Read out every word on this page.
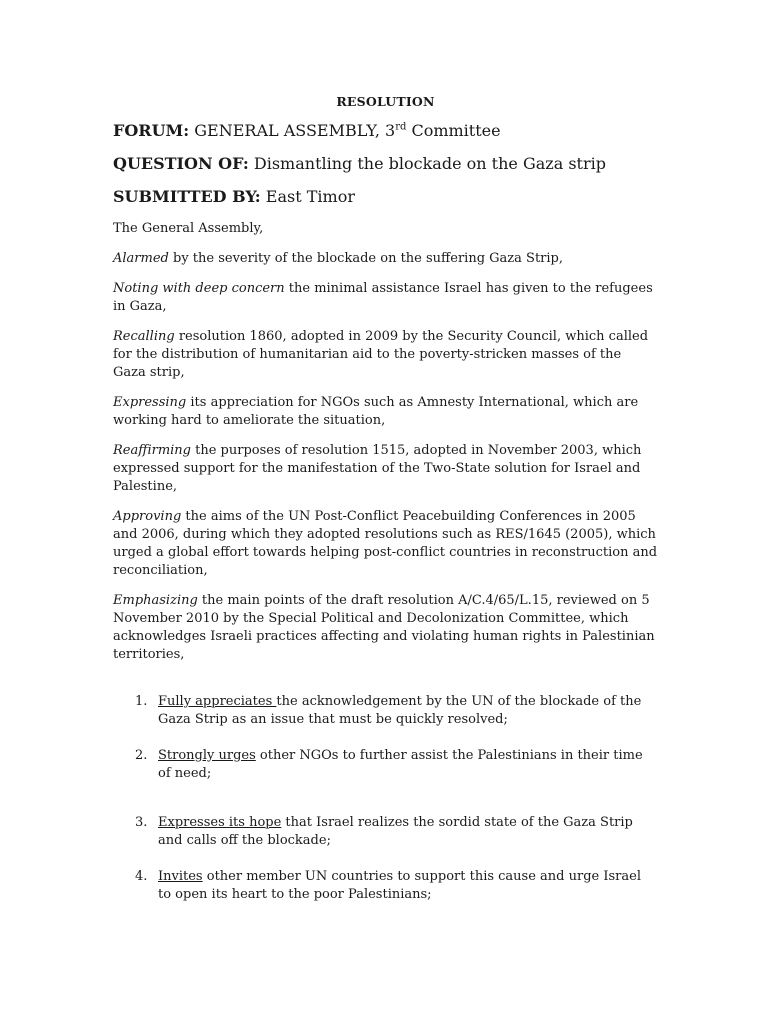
RESOLUTION
FORUM: GENERAL ASSEMBLY, 3rd Committee
QUESTION OF: Dismantling the blockade on the Gaza strip
SUBMITTED BY: East Timor

The General Assembly,

Alarmed by the severity of the blockade on the suffering Gaza Strip,

Noting with deep concern the minimal assistance Israel has given to the refugees in Gaza,

Recalling resolution 1860, adopted in 2009 by the Security Council, which called for the distribution of humanitarian aid to the poverty-stricken masses of the Gaza strip,

Expressing its appreciation for NGOs such as Amnesty International, which are working hard to ameliorate the situation,

Reaffirming the purposes of resolution 1515, adopted in November 2003, which expressed support for the manifestation of the Two-State solution for Israel and Palestine,

Approving the aims of the UN Post-Conflict Peacebuilding Conferences in 2005 and 2006, during which they adopted resolutions such as RES/1645 (2005), which urged a global effort towards helping post-conflict countries in reconstruction and reconciliation,

Emphasizing the main points of the draft resolution A/C.4/65/L.15, reviewed on 5 November 2010 by the Special Political and Decolonization Committee, which acknowledges Israeli practices affecting and violating human rights in Palestinian territories,

1. Fully appreciates the acknowledgement by the UN of the blockade of the Gaza Strip as an issue that must be quickly resolved;
2. Strongly urges other NGOs to further assist the Palestinians in their time of need;
3. Expresses its hope that Israel realizes the sordid state of the Gaza Strip and calls off the blockade;
4. Invites other member UN countries to support this cause and urge Israel to open its heart to the poor Palestinians;
